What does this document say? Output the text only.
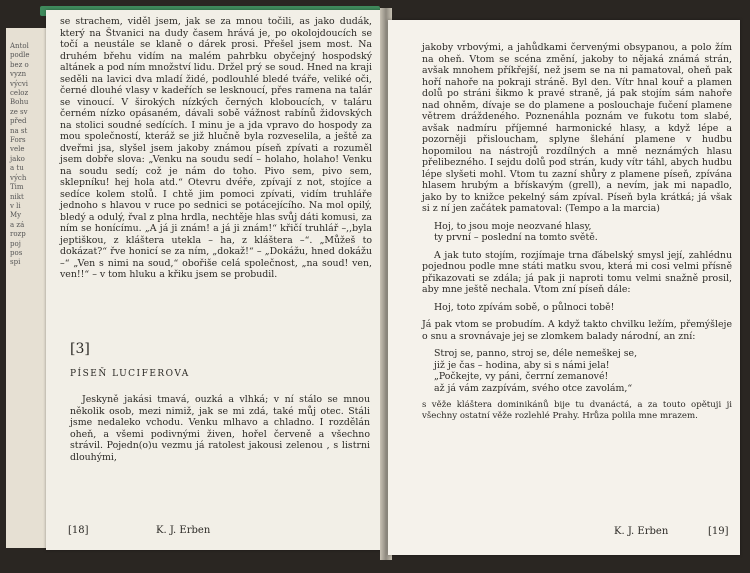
Antol
podle
bez o
vyzn
výcvi
celoz
Bohu
ze sv
před
na st
Fors
vele
jako
a tu
vých
Tim
nikt
v li
My
a zá
rozp
poj
pos
spi

se strachem, viděl jsem, jak se za mnou točili, as jako dudák, který na Štvanici na dudy časem hrává je, po okolojdoucích se točí a neustále se klaně o dárek prosi. Přešel jsem most. Na druhém břehu vidím na malém pahrbku obyčejný hospodský altánek a pod ním množství lidu. Držel prý se soud. Hned na kraji seděli na lavici dva mladí židé, podlouhlé bledé tváře, veliké oči, černé dlouhé vlasy v kadeřích se lesknoucí, přes ramena na talár se vinoucí. V širokých nízkých černých kloboucích, v taláru černém nízko opásaném, dávali sobě vážnost rabínů židovských na stolici soudné sedících. I minu je a jda vpravo do hospody za mou společností, kteráž se již hlučně byla rozveselila, a ještě za dveřmi jsa, slyšel jsem jakoby známou píseň zpívati a rozuměl jsem dobře slova: „Venku na soudu sedí – holaho, holaho! Venku na soudu sedí; což je nám do toho. Pivo sem, pivo sem, sklepníku! hej hola atd.“ Otevru dvéře, zpívají z not, stojíce a sedíce kolem stolů. I chtě jim pomoci zpívati, vidím truhláře jednoho s hlavou v ruce po sednici se potácejícího. Na mol opilý, bledý a odulý, řval z plna hrdla, nechtěje hlas svůj dáti komusi, za ním se honícímu. „A já ji znám! a já ji znám!“ křičí truhlář –,,byla jeptiškou, z kláštera utekla – ha, z kláštera –“. „Můžeš to dokázat?“ řve honicí se za ním, „dokaž!“ – „Dokážu, hned dokážu –“ „Ven s nimi na soud,“ obořiše celá společnost, „na soud! ven, ven!!“ – v tom hluku a křiku jsem se probudil.

[3]
PÍSEŇ LUCIFEROVA

Jeskyně jakási tmavá, ouzká a vlhká; v ní stálo se mnou několik osob, mezi nimiž, jak se mi zdá, také můj otec. Stáli jsme nedaleko vchodu. Venku mlhavo a chladno. I rozdělán oheň, a všemi podivnými živen, hořel červeně a všechno strávil. Pojedn(o)u vezmu já ratolest jakousi zelenou , s listrni dlouhými,

[18]	K. J. Erben

jakoby vrbovými, a jahůdkami červenými obsypanou, a polo žím na oheň. Vtom se scéna změní, jakoby to nějaká známá strán, avšak mnohem příkřejší, než jsem se na ni pamatoval, oheň pak hoří nahoře na pokraji stráně. Byl den. Vítr hnal kouř a plamen dolů po stráni šikmo k pravé straně, já pak stojím sám nahoře nad ohněm, dívaje se do plamene a poslouchaje fučení plamene větrem dráždeného. Poznenáhla poznám ve fukotu tom slabé, avšak nadmíru příjemné harmonické hlasy, a když lépe a pozorněji přisloucham, splyne šlehání plamene v hudbu hopomilou na nástrojů rozdílných a mně neznámých hlasu přelibezného. I sejdu dolů pod strán, kudy vítr táhl, abych hudbu lépe slyšeti mohl. Vtom tu zazní shůry z plamene píseň, zpívána hlasem hrubým a břískavým (grell), a nevím, jak mi napadlo, jako by to knižce pekelný sám zpíval. Píseň byla krátká; já však si z ní jen začátek pamatoval: (Tempo a la marcia)

Hoj, to jsou moje neozvané hlasy,
ty první – poslední na tomto světě.

A jak tuto stojím, rozjímaje trna ďábelský smysl její, zahlédnu pojednou podle mne státi matku svou, která mi cosi velmi přísně přikazovati se zdála; já pak ji naproti tomu velmi snažně prosil, aby mne ještě nechala. Vtom zní píseň dále:

Hoj, toto zpívám sobě, o půlnoci tobě!

Já pak vtom se probudím. A když takto chvilku ležím, přemýšleje o snu a srovnávaje jej se zlomkem balady národní, an zní:

Stroj se, panno, stroj se, déle nemeškej se,
již je čas – hodina, aby si s námi jela!
„Počkejte, vy páni, čerrní zemanové!
až já vám zazpívám, svého otce zavolám,“

s věže kláštera dominikánů bije tu dvanáctá, a za touto opětuji ji všechny ostatní věže rozlehlé Prahy. Hrůza polila mne mrazem.

K. J. Erben	[19]
